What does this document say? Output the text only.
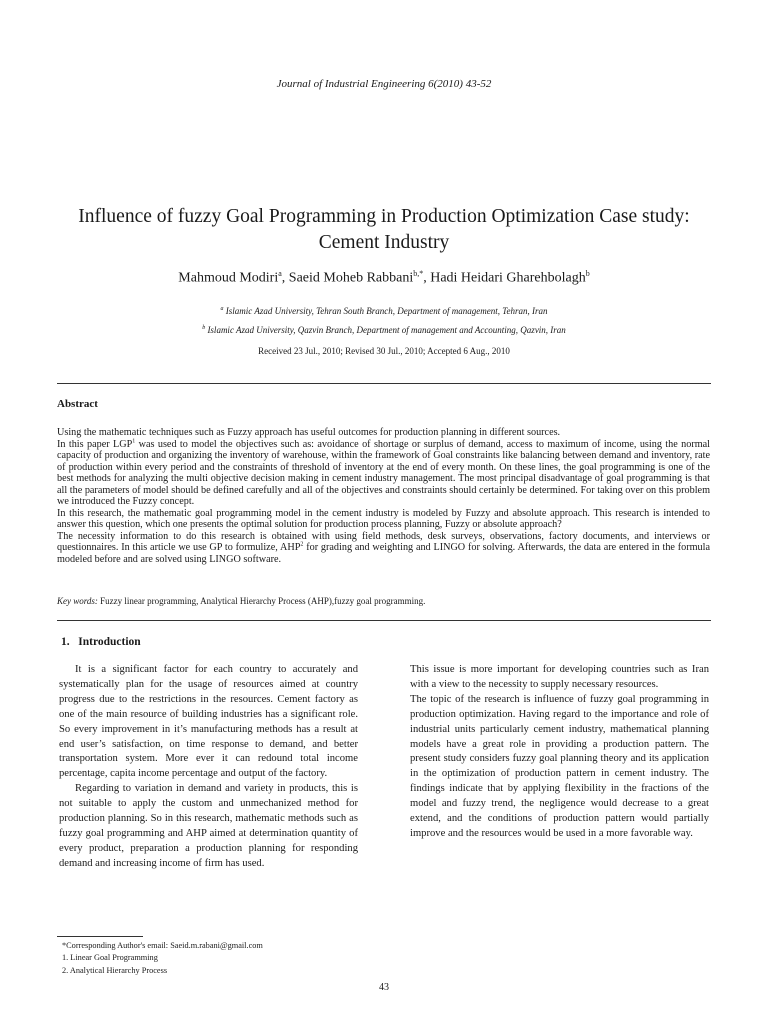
Journal of Industrial Engineering 6(2010) 43-52
Influence of fuzzy Goal Programming in Production Optimization Case study: Cement Industry
Mahmoud Modiri$^a$, Saeid Moheb Rabbani$^{b,*}$, Hadi Heidari Gharehbolagh$^b$
$^a$ Islamic Azad University, Tehran South Branch, Department of management, Tehran, Iran
$^b$ Islamic Azad University, Qazvin Branch, Department of management and Accounting, Qazvin, Iran
Received 23 Jul., 2010; Revised 30 Jul., 2010; Accepted 6 Aug., 2010
Abstract

Using the mathematic techniques such as Fuzzy approach has useful outcomes for production planning in different sources.

In this paper LGP$^1$ was used to model the objectives such as: avoidance of shortage or surplus of demand, access to maximum of income, using the normal capacity of production and organizing the inventory of warehouse, within the framework of Goal constraints like balancing between demand and inventory, rate of production within every period and the constraints of threshold of inventory at the end of every month. On these lines, the goal programming is one of the best methods for analyzing the multi objective decision making in cement industry management. The most principal disadvantage of goal programming is that all the parameters of model should be defined carefully and all of the objectives and constraints should certainly be determined. For taking over on this problem we introduced the Fuzzy concept.

In this research, the mathematic goal programming model in the cement industry is modeled by Fuzzy and absolute approach. This research is intended to answer this question, which one presents the optimal solution for production process planning, Fuzzy or absolute approach?

The necessity information to do this research is obtained with using field methods, desk surveys, observations, factory documents, and interviews or questionnaires. In this article we use GP to formulize, AHP$^2$ for grading and weighting and LINGO for solving. Afterwards, the data are entered in the formula modeled before and are solved using LINGO software.

Key words: Fuzzy linear programming, Analytical Hierarchy Process (AHP),fuzzy goal programming.
1. Introduction

It is a significant factor for each country to accurately and systematically plan for the usage of resources aimed at country progress due to the restrictions in the resources. Cement factory as one of the main resource of building industries has a significant role. So every improvement in it’s manufacturing methods has a result at end user’s satisfaction, on time response to demand, and better transportation system. More ever it can redound total income percentage, capita income percentage and output of the factory.

Regarding to variation in demand and variety in products, this is not suitable to apply the custom and unmechanized method for production planning. So in this research, mathematic methods such as fuzzy goal programming and AHP aimed at determination quantity of every product, preparation a production planning for responding demand and increasing income of firm has used.

This issue is more important for developing countries such as Iran with a view to the necessity to supply necessary resources.

The topic of the research is influence of fuzzy goal programming in production optimization. Having regard to the importance and role of industrial units particularly cement industry, mathematical planning models have a great role in providing a production pattern. The present study considers fuzzy goal planning theory and its application in the optimization of production pattern in cement industry. The findings indicate that by applying flexibility in the fractions of the model and fuzzy trend, the negligence would decrease to a great extend, and the conditions of production pattern would partially improve and the resources would be used in a more favorable way.

*Corresponding Author's email: Saeid.m.rabani@gmail.com
1. Linear Goal Programming
2. Analytical Hierarchy Process
43
